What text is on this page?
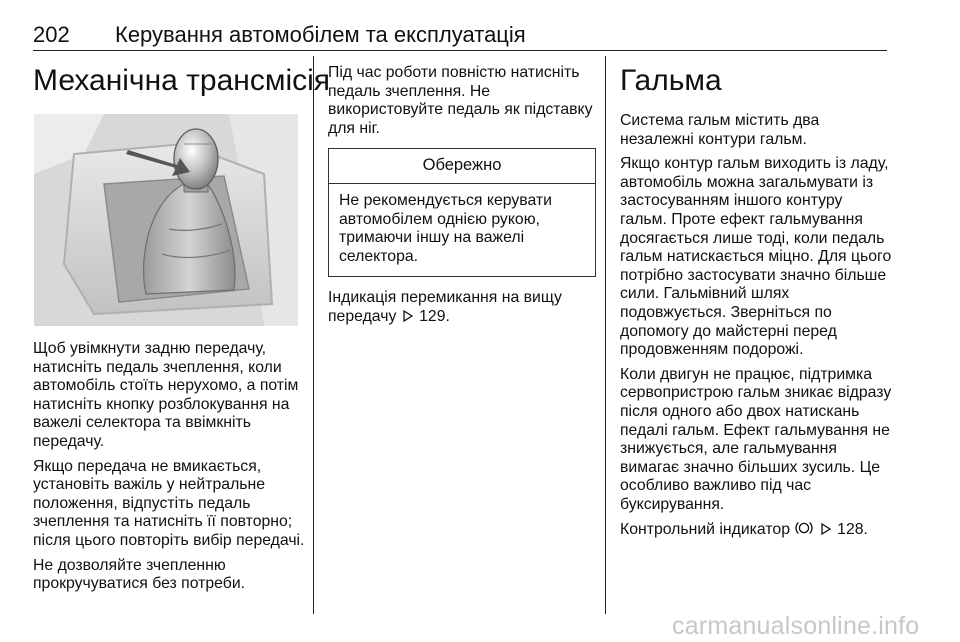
202 Керування автомобілем та експлуатація
Механічна трансмісія

Щоб увімкнути задню передачу, натисніть педаль зчеплення, коли автомобіль стоїть нерухомо, а потім натисніть кнопку розблокування на важелі селектора та ввімкніть передачу.

Якщо передача не вмикається, установіть важіль у нейтральне положення, відпустіть педаль зчеплення та натисніть її повторно; після цього повторіть вибір передачі.

Не дозволяйте зчепленню прокручуватися без потреби.

Під час роботи повністю натисніть педаль зчеплення. Не використовуйте педаль як підставку для ніг.

Обережно
Не рекомендується керувати автомобілем однією рукою, тримаючи іншу на важелі селектора.

Індикація перемикання на вищу передачу 129.

Гальма

Система гальм містить два незалежні контури гальм.

Якщо контур гальм виходить із ладу, автомобіль можна загальмувати із застосуванням іншого контуру гальм. Проте ефект гальмування досягається лише тоді, коли педаль гальм натискається міцно. Для цього потрібно застосувати значно більше сили. Гальмівний шлях подовжується. Зверніться по допомогу до майстерні перед продовженням подорожі.

Коли двигун не працює, підтримка сервопристрою гальм зникає відразу після одного або двох натискань педалі гальм. Ефект гальмування не знижується, але гальмування вимагає значно більших зусиль. Це особливо важливо під час буксирування.

Контрольний індикатор	128.

carmanualsonline.info
